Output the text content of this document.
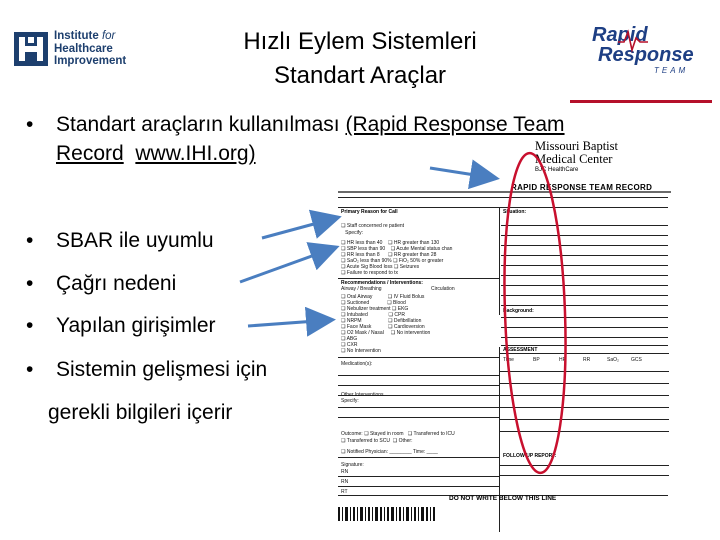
Institute for
Healthcare
Improvement
Hızlı Eylem Sistemleri
Standart Araçlar
Rapid
Response
TEAM
• Standart araçların kullanılması (Rapid Response Team
Record www.IHI.org)
• SBAR ile uyumlu
• Çağrı nedeni
• Yapılan girişimler
• Sistemin gelişmesi için
gerekli bilgileri içerir
Missouri Baptist
Medical Center
BJC HealthCare
RAPID RESPONSE TEAM RECORD
Primary Reason for Call	Situation:
❑ Staff concerned re patient
Specify:
❑ HR less than 40    ❑ HR greater than 130
❑ SBP less than 90    ❑ Acute Mental status chan
❑ RR less than 8      ❑ RR greater than 28
❑ SaO₂ less than 90% ❑ FiO₂ 50% or greater
❑ Acute Sig Blood loss ❑ Seizures
❑ Failure to respond to tx
Recommendations / Interventions:
Airway / Breathing	Circulation
❑ Oral Airway           ❑ IV Fluid Bolus
❑ Suctioned             ❑ Blood
❑ Nebulizer treatment ❑ EKG
❑ Intubated               ❑ CPR
❑ NRPM                   ❑ Defibrillation
❑ Face Mask            ❑ Cardioversion
❑ O2 Mask / Nasal     ❑ No intervention
❑ ABG
❑ CXR
❑ No Intervention
Background:
ASSESSMENT
Time	BP	HR	RR	SaO₂ GCS
Medication(s):
Other Interventions
Specify:
Outcome: ❑ Stayed in room   ❑ Transferred to ICU
❑ Transferred to SCU  ❑ Other:
❑ Notified Physician: ________ Time: ____
Signature:
RN
RN
RT
FOLLOW-UP REPORT:
DO NOT WRITE BELOW THIS LINE
